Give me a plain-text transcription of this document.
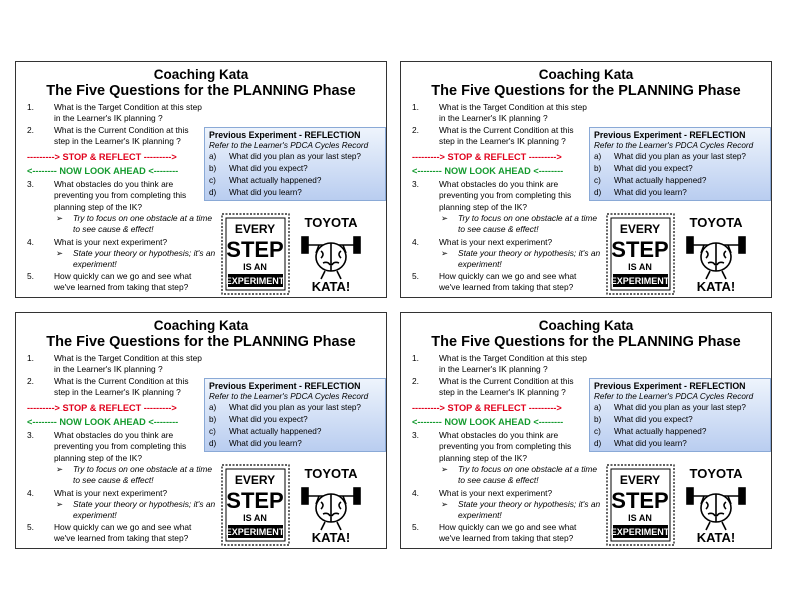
Coaching Kata
The Five Questions for the PLANNING Phase
1. What is the Target Condition at this step in the Learner's IK planning ?
2. What is the Current Condition at this step in the Learner's IK planning ?
---------> STOP & REFLECT --------->
<-------- NOW LOOK AHEAD <--------
3. What obstacles do you think are preventing you from completing this planning step of the IK?
➢ Try to focus on one obstacle at a time to see cause & effect!
4. What is your next experiment?
➢ State your theory or hypothesis; it's an experiment!
5. How quickly can we go and see what we've learned from taking that step?
Previous Experiment - REFLECTION
Refer to the Learner's PDCA Cycles Record
a) What did you plan as your last step?
b) What did you expect?
c) What actually happened?
d) What did you learn?
EVERY
STEP
IS AN
EXPERIMENT
TOYOTA
KATA!
Coaching Kata
The Five Questions for the PLANNING Phase
1. What is the Target Condition at this step in the Learner's IK planning ?
2. What is the Current Condition at this step in the Learner's IK planning ?
---------> STOP & REFLECT --------->
<-------- NOW LOOK AHEAD <--------
3. What obstacles do you think are preventing you from completing this planning step of the IK?
➢ Try to focus on one obstacle at a time to see cause & effect!
4. What is your next experiment?
➢ State your theory or hypothesis; it's an experiment!
5. How quickly can we go and see what we've learned from taking that step?
Previous Experiment - REFLECTION
Refer to the Learner's PDCA Cycles Record
a) What did you plan as your last step?
b) What did you expect?
c) What actually happened?
d) What did you learn?
EVERY
STEP
IS AN
EXPERIMENT
TOYOTA
KATA!
Coaching Kata
The Five Questions for the PLANNING Phase
1. What is the Target Condition at this step in the Learner's IK planning ?
2. What is the Current Condition at this step in the Learner's IK planning ?
---------> STOP & REFLECT --------->
<-------- NOW LOOK AHEAD <--------
3. What obstacles do you think are preventing you from completing this planning step of the IK?
➢ Try to focus on one obstacle at a time to see cause & effect!
4. What is your next experiment?
➢ State your theory or hypothesis; it's an experiment!
5. How quickly can we go and see what we've learned from taking that step?
Previous Experiment - REFLECTION
Refer to the Learner's PDCA Cycles Record
a) What did you plan as your last step?
b) What did you expect?
c) What actually happened?
d) What did you learn?
EVERY
STEP
IS AN
EXPERIMENT
TOYOTA
KATA!
Coaching Kata
The Five Questions for the PLANNING Phase
1. What is the Target Condition at this step in the Learner's IK planning ?
2. What is the Current Condition at this step in the Learner's IK planning ?
---------> STOP & REFLECT --------->
<-------- NOW LOOK AHEAD <--------
3. What obstacles do you think are preventing you from completing this planning step of the IK?
➢ Try to focus on one obstacle at a time to see cause & effect!
4. What is your next experiment?
➢ State your theory or hypothesis; it's an experiment!
5. How quickly can we go and see what we've learned from taking that step?
Previous Experiment - REFLECTION
Refer to the Learner's PDCA Cycles Record
a) What did you plan as your last step?
b) What did you expect?
c) What actually happened?
d) What did you learn?
EVERY
STEP
IS AN
EXPERIMENT
TOYOTA
KATA!
